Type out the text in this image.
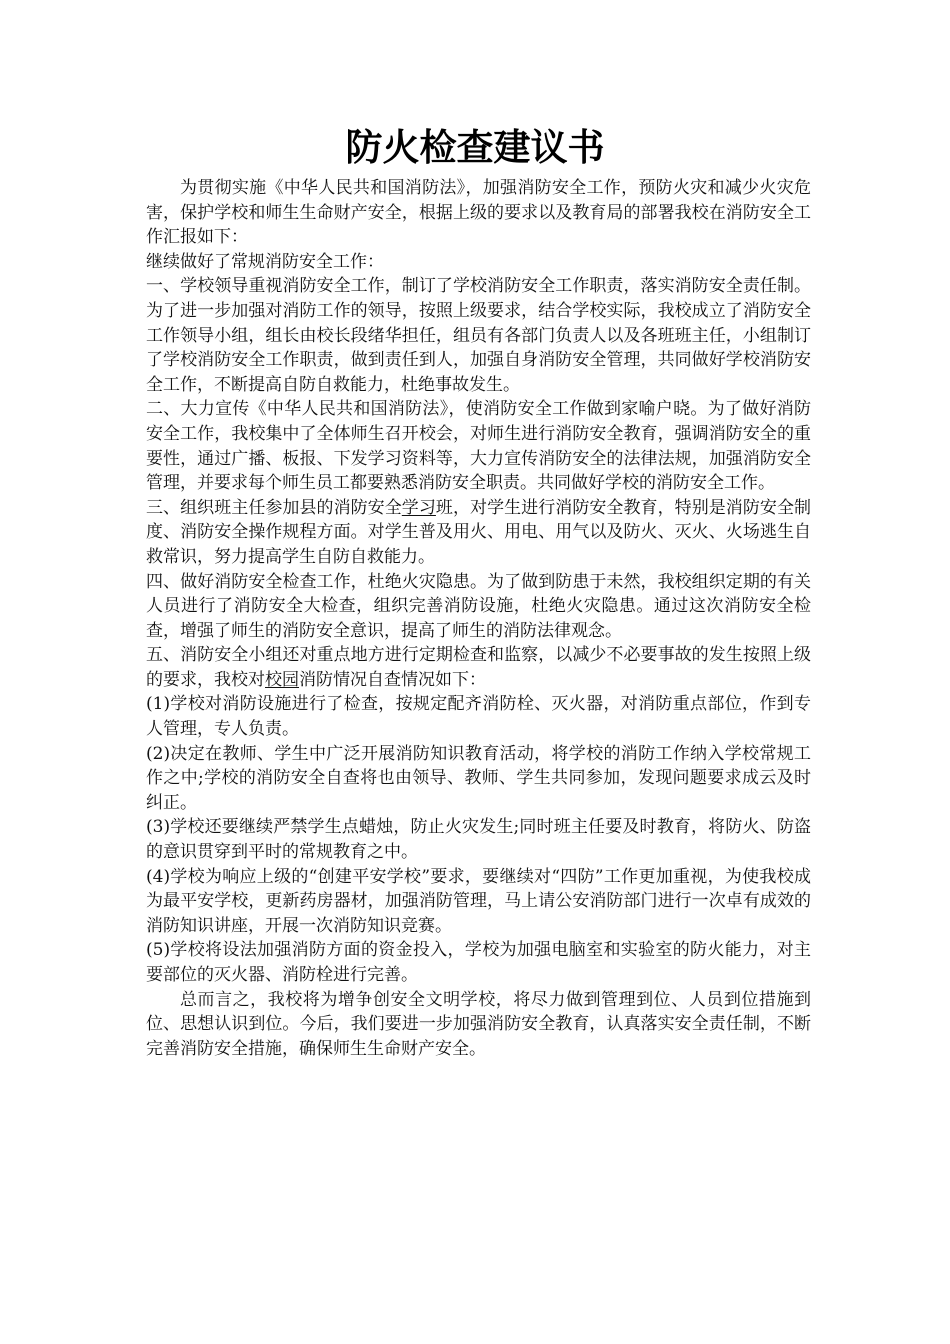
防火检查建议书

为贯彻实施《中华人民共和国消防法》，加强消防安全工作，预防火灾和减少火灾危害，保护学校和师生生命财产安全，根据上级的要求以及教育局的部署我校在消防安全工作汇报如下：

继续做好了常规消防安全工作：

一、学校领导重视消防安全工作，制订了学校消防安全工作职责，落实消防安全责任制。为了进一步加强对消防工作的领导，按照上级要求，结合学校实际，我校成立了消防安全工作领导小组，组长由校长段绪华担任，组员有各部门负责人以及各班班主任，小组制订了学校消防安全工作职责，做到责任到人，加强自身消防安全管理，共同做好学校消防安全工作，不断提高自防自救能力，杜绝事故发生。

二、大力宣传《中华人民共和国消防法》，使消防安全工作做到家喻户晓。为了做好消防安全工作，我校集中了全体师生召开校会，对师生进行消防安全教育，强调消防安全的重要性，通过广播、板报、下发学习资料等，大力宣传消防安全的法律法规，加强消防安全管理，并要求每个师生员工都要熟悉消防安全职责。共同做好学校的消防安全工作。

三、组织班主任参加县的消防安全学习班，对学生进行消防安全教育，特别是消防安全制度、消防安全操作规程方面。对学生普及用火、用电、用气以及防火、灭火、火场逃生自救常识，努力提高学生自防自救能力。

四、做好消防安全检查工作，杜绝火灾隐患。为了做到防患于未然，我校组织定期的有关人员进行了消防安全大检查，组织完善消防设施，杜绝火灾隐患。通过这次消防安全检查，增强了师生的消防安全意识，提高了师生的消防法律观念。

五、消防安全小组还对重点地方进行定期检查和监察，以减少不必要事故的发生按照上级的要求，我校对校园消防情况自查情况如下：

(1)学校对消防设施进行了检查，按规定配齐消防栓、灭火器，对消防重点部位，作到专人管理，专人负责。

(2)决定在教师、学生中广泛开展消防知识教育活动，将学校的消防工作纳入学校常规工作之中;学校的消防安全自查将也由领导、教师、学生共同参加，发现问题要求成云及时纠正。

(3)学校还要继续严禁学生点蜡烛，防止火灾发生;同时班主任要及时教育，将防火、防盗的意识贯穿到平时的常规教育之中。

(4)学校为响应上级的“创建平安学校”要求，要继续对“四防”工作更加重视，为使我校成为最平安学校，更新药房器材，加强消防管理，马上请公安消防部门进行一次卓有成效的消防知识讲座，开展一次消防知识竞赛。

(5)学校将设法加强消防方面的资金投入，学校为加强电脑室和实验室的防火能力，对主要部位的灭火器、消防栓进行完善。

总而言之，我校将为增争创安全文明学校，将尽力做到管理到位、人员到位措施到位、思想认识到位。今后，我们要进一步加强消防安全教育，认真落实安全责任制，不断完善消防安全措施，确保师生生命财产安全。
